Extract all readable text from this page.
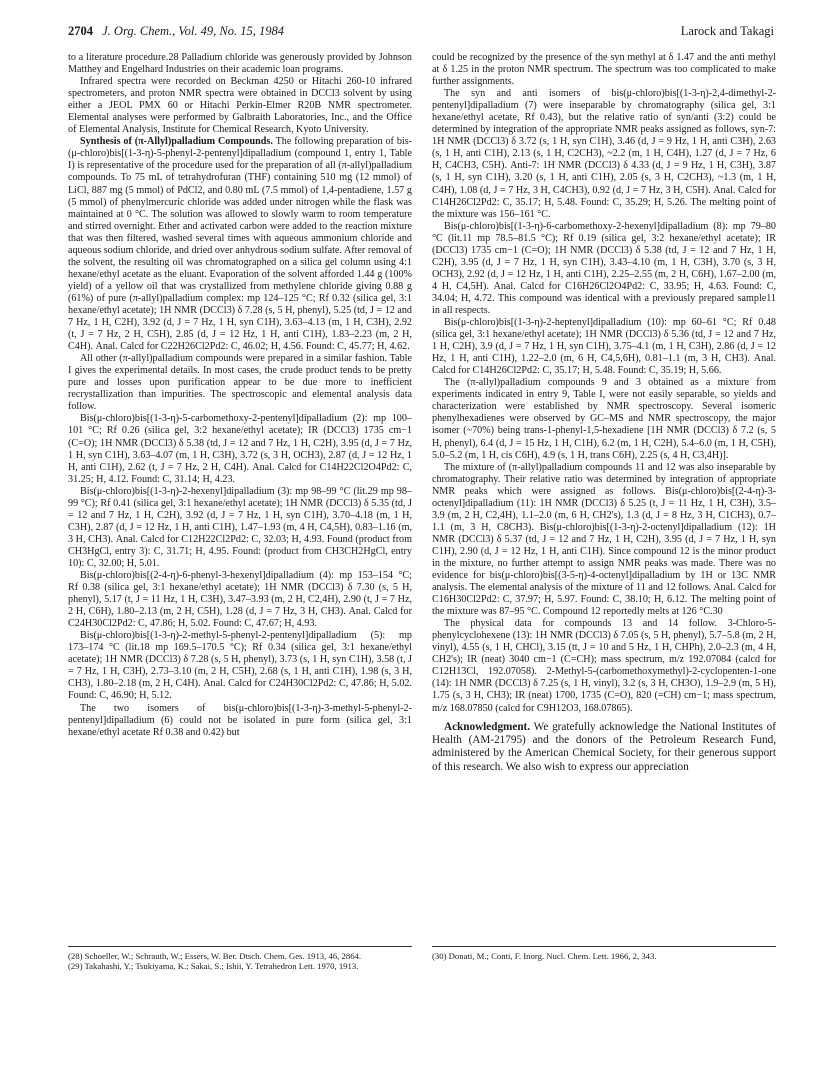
2704 J. Org. Chem., Vol. 49, No. 15, 1984	Larock and Takagi

to a literature procedure.28 Palladium chloride was generously provided by Johnson Matthey and Engelhard Industries on their academic loan programs.

Infrared spectra were recorded on Beckman 4250 or Hitachi 260-10 infrared spectrometers, and proton NMR spectra were obtained in DCCl3 solvent by using either a JEOL PMX 60 or Hitachi Perkin-Elmer R20B NMR spectrometer. Elemental analyses were performed by Galbraith Laboratories, Inc., and the Office of Elemental Analysis, Institute for Chemical Research, Kyoto University.

Synthesis of (π-Allyl)palladium Compounds. The following preparation of bis-(μ-chloro)bis[(1-3-η)-5-phenyl-2-pentenyl]dipalladium (compound 1, entry 1, Table I) is representative of the procedure used for the preparation of all (π-allyl)palladium compounds. To 75 mL of tetrahydrofuran (THF) containing 510 mg (12 mmol) of LiCl, 887 mg (5 mmol) of PdCl2, and 0.80 mL (7.5 mmol) of 1,4-pentadiene, 1.57 g (5 mmol) of phenylmercuric chloride was added under nitrogen while the flask was maintained at 0 °C. The solution was allowed to slowly warm to room temperature and stirred overnight. Ether and activated carbon were added to the reaction mixture that was then filtered, washed several times with aqueous ammonium chloride and aqueous sodium chloride, and dried over anhydrous sodium sulfate. After removal of the solvent, the resulting oil was chromatographed on a silica gel column using 4:1 hexane/ethyl acetate as the eluant. Evaporation of the solvent afforded 1.44 g (100% yield) of a yellow oil that was crystallized from methylene chloride giving 0.88 g (61%) of pure (π-allyl)palladium complex: mp 124–125 °C; Rf 0.32 (silica gel, 3:1 hexane/ethyl acetate); 1H NMR (DCCl3) δ 7.28 (s, 5 H, phenyl), 5.25 (td, J = 12 and 7 Hz, 1 H, C2H), 3.92 (d, J = 7 Hz, 1 H, syn C1H), 3.63–4.13 (m, 1 H, C3H), 2.92 (t, J = 7 Hz, 2 H, C5H), 2.85 (d, J = 12 Hz, 1 H, anti C1H), 1.83–2.23 (m, 2 H, C4H). Anal. Calcd for C22H26Cl2Pd2: C, 46.02; H, 4.56. Found: C, 45.77; H, 4.62.

All other (π-allyl)palladium compounds were prepared in a similar fashion. Table I gives the experimental details. In most cases, the crude product tends to be pretty pure and losses upon purification appear to be due more to inefficient recrystallization than impurities. The spectroscopic and elemental analysis data follow.

Bis(μ-chloro)bis[(1-3-η)-5-carbomethoxy-2-pentenyl]dipalladium (2): mp 100–101 °C; Rf 0.26 (silica gel, 3:2 hexane/ethyl acetate); IR (DCCl3) 1735 cm−1 (C=O); 1H NMR (DCCl3) δ 5.38 (td, J = 12 and 7 Hz, 1 H, C2H), 3.95 (d, J = 7 Hz, 1 H, syn C1H), 3.63–4.07 (m, 1 H, C3H), 3.72 (s, 3 H, OCH3), 2.87 (d, J = 12 Hz, 1 H, anti C1H), 2.62 (t, J = 7 Hz, 2 H, C4H). Anal. Calcd for C14H22Cl2O4Pd2: C, 31.25; H, 4.12. Found: C, 31.14; H, 4.23.

Bis(μ-chloro)bis[(1-3-η)-2-hexenyl]dipalladium (3): mp 98–99 °C (lit.29 mp 98–99 °C); Rf 0.41 (silica gel, 3:1 hexane/ethyl acetate); 1H NMR (DCCl3) δ 5.35 (td, J = 12 and 7 Hz, 1 H, C2H), 3.92 (d, J = 7 Hz, 1 H, syn C1H), 3.70–4.18 (m, 1 H, C3H), 2.87 (d, J = 12 Hz, 1 H, anti C1H), 1.47–1.93 (m, 4 H, C4,5H), 0.83–1.16 (m, 3 H, CH3). Anal. Calcd for C12H22Cl2Pd2: C, 32.03; H, 4.93. Found (product from CH3HgCl, entry 3): C, 31.71; H, 4.95. Found: (product from CH3CH2HgCl, entry 10): C, 32.00; H, 5.01.

Bis(μ-chloro)bis[(2-4-η)-6-phenyl-3-hexenyl]dipalladium (4): mp 153–154 °C; Rf 0.38 (silica gel, 3:1 hexane/ethyl acetate); 1H NMR (DCCl3) δ 7.30 (s, 5 H, phenyl), 5.17 (t, J = 11 Hz, 1 H, C3H), 3.47–3.93 (m, 2 H, C2,4H), 2.90 (t, J = 7 Hz, 2 H, C6H), 1.80–2.13 (m, 2 H, C5H), 1.28 (d, J = 7 Hz, 3 H, CH3). Anal. Calcd for C24H30Cl2Pd2: C, 47.86; H, 5.02. Found: C, 47.67; H, 4.93.

Bis(μ-chloro)bis[(1-3-η)-2-methyl-5-phenyl-2-pentenyl]dipalladium (5): mp 173–174 °C (lit.18 mp 169.5–170.5 °C); Rf 0.34 (silica gel, 3:1 hexane/ethyl acetate); 1H NMR (DCCl3) δ 7.28 (s, 5 H, phenyl), 3.73 (s, 1 H, syn C1H), 3.58 (t, J = 7 Hz, 1 H, C3H), 2.73–3.10 (m, 2 H, C5H), 2.68 (s, 1 H, anti C1H), 1.98 (s, 3 H, CH3), 1.80–2.18 (m, 2 H, C4H). Anal. Calcd for C24H30Cl2Pd2: C, 47.86; H, 5.02. Found: C, 46.90; H, 5.12.

The two isomers of bis(μ-chloro)bis[(1-3-η)-3-methyl-5-phenyl-2-pentenyl]dipalladium (6) could not be isolated in pure form (silica gel, 3:1 hexane/ethyl acetate Rf 0.38 and 0.42) but

could be recognized by the presence of the syn methyl at δ 1.47 and the anti methyl at δ 1.25 in the proton NMR spectrum. The spectrum was too complicated to make further assignments.

The syn and anti isomers of bis(μ-chloro)bis[(1-3-η)-2,4-dimethyl-2-pentenyl]dipalladium (7) were inseparable by chromatography (silica gel, 3:1 hexane/ethyl acetate, Rf 0.43), but the relative ratio of syn/anti (3:2) could be determined by integration of the appropriate NMR peaks assigned as follows, syn-7: 1H NMR (DCCl3) δ 3.72 (s, 1 H, syn C1H), 3.46 (d, J = 9 Hz, 1 H, anti C3H), 2.63 (s, 1 H, anti C1H), 2.13 (s, 1 H, C2CH3), ~2.2 (m, 1 H, C4H), 1.27 (d, J = 7 Hz, 6 H, C4CH3, C5H). Anti-7: 1H NMR (DCCl3) δ 4.33 (d, J = 9 Hz, 1 H, C3H), 3.87 (s, 1 H, syn C1H), 3.20 (s, 1 H, anti C1H), 2.05 (s, 3 H, C2CH3), ~1.3 (m, 1 H, C4H), 1.08 (d, J = 7 Hz, 3 H, C4CH3), 0.92 (d, J = 7 Hz, 3 H, C5H). Anal. Calcd for C14H26Cl2Pd2: C, 35.17; H, 5.48. Found: C, 35.29; H, 5.26. The melting point of the mixture was 156–161 °C.

Bis(μ-chloro)bis[(1-3-η)-6-carbomethoxy-2-hexenyl]dipalladium (8): mp 79–80 °C (lit.11 mp 78.5–81.5 °C); Rf 0.19 (silica gel, 3:2 hexane/ethyl acetate); IR (DCCl3) 1735 cm−1 (C=O); 1H NMR (DCCl3) δ 5.38 (td, J = 12 and 7 Hz, 1 H, C2H), 3.95 (d, J = 7 Hz, 1 H, syn C1H), 3.43–4.10 (m, 1 H, C3H), 3.70 (s, 3 H, OCH3), 2.92 (d, J = 12 Hz, 1 H, anti C1H), 2.25–2.55 (m, 2 H, C6H), 1.67–2.00 (m, 4 H, C4,5H). Anal. Calcd for C16H26Cl2O4Pd2: C, 33.95; H, 4.63. Found: C, 34.04; H, 4.72. This compound was identical with a previously prepared sample11 in all respects.

Bis(μ-chloro)bis[(1-3-η)-2-heptenyl]dipalladium (10): mp 60–61 °C; Rf 0.48 (silica gel, 3:1 hexane/ethyl acetate); 1H NMR (DCCl3) δ 5.36 (td, J = 12 and 7 Hz, 1 H, C2H), 3.9 (d, J = 7 Hz, 1 H, syn C1H), 3.75–4.1 (m, 1 H, C3H), 2.86 (d, J = 12 Hz, 1 H, anti C1H), 1.22–2.0 (m, 6 H, C4,5,6H), 0.81–1.1 (m, 3 H, CH3). Anal. Calcd for C14H26Cl2Pd2: C, 35.17; H, 5.48. Found: C, 35.19; H, 5.66.

The (π-allyl)palladium compounds 9 and 3 obtained as a mixture from experiments indicated in entry 9, Table I, were not easily separable, so yields and characterization were established by NMR spectroscopy. Several isomeric phenylhexadienes were observed by GC–MS and NMR spectroscopy, the major isomer (~70%) being trans-1-phenyl-1,5-hexadiene [1H NMR (DCCl3) δ 7.2 (s, 5 H, phenyl), 6.4 (d, J = 15 Hz, 1 H, C1H), 6.2 (m, 1 H, C2H), 5.4–6.0 (m, 1 H, C5H), 5.0–5.2 (m, 1 H, cis C6H), 4.9 (s, 1 H, trans C6H), 2.25 (s, 4 H, C3,4H)].

The mixture of (π-allyl)palladium compounds 11 and 12 was also inseparable by chromatography. Their relative ratio was determined by integration of appropriate NMR peaks which were assigned as follows. Bis(μ-chloro)bis[(2-4-η)-3-octenyl]dipalladium (11): 1H NMR (DCCl3) δ 5.25 (t, J = 11 Hz, 1 H, C3H), 3.5–3.9 (m, 2 H, C2,4H), 1.1–2.0 (m, 6 H, CH2's), 1.3 (d, J = 8 Hz, 3 H, C1CH3), 0.7–1.1 (m, 3 H, C8CH3). Bis(μ-chloro)bis[(1-3-η)-2-octenyl]dipalladium (12): 1H NMR (DCCl3) δ 5.37 (td, J = 12 and 7 Hz, 1 H, C2H), 3.95 (d, J = 7 Hz, 1 H, syn C1H), 2.90 (d, J = 12 Hz, 1 H, anti C1H). Since compound 12 is the minor product in the mixture, no further attempt to assign NMR peaks was made. There was no evidence for bis(μ-chloro)bis[(3-5-η)-4-octenyl]dipalladium by 1H or 13C NMR analysis. The elemental analysis of the mixture of 11 and 12 follows. Anal. Calcd for C16H30Cl2Pd2: C, 37.97; H, 5.97. Found: C, 38.10; H, 6.12. The melting point of the mixture was 87–95 °C. Compound 12 reportedly melts at 126 °C.30

The physical data for compounds 13 and 14 follow. 3-Chloro-5-phenylcyclohexene (13): 1H NMR (DCCl3) δ 7.05 (s, 5 H, phenyl), 5.7–5.8 (m, 2 H, vinyl), 4.55 (s, 1 H, CHCl), 3.15 (tt, J = 10 and 5 Hz, 1 H, CHPh), 2.0–2.3 (m, 4 H, CH2's); IR (neat) 3040 cm−1 (C=CH); mass spectrum, m/z 192.07084 (calcd for C12H13Cl, 192.07058). 2-Methyl-5-(carbomethoxymethyl)-2-cyclopenten-1-one (14): 1H NMR (DCCl3) δ 7.25 (s, 1 H, vinyl), 3.2 (s, 3 H, CH3O), 1.9–2.9 (m, 5 H), 1.75 (s, 3 H, CH3); IR (neat) 1700, 1735 (C=O), 820 (=CH) cm−1; mass spectrum, m/z 168.07850 (calcd for C9H12O3, 168.07865).

Acknowledgment. We gratefully acknowledge the National Institutes of Health (AM-21795) and the donors of the Petroleum Research Fund, administered by the American Chemical Society, for their generous support of this research. We also wish to express our appreciation

(28) Schoeller, W.; Schrauth, W.; Essers, W. Ber. Dtsch. Chem. Ges. 1913, 46, 2864.

(29) Takahashi, Y.; Tsukiyama, K.; Sakai, S.; Ishii, Y. Tetrahedron Lett. 1970, 1913.

(30) Donati, M.; Conti, F. Inorg. Nucl. Chem. Lett. 1966, 2, 343.
